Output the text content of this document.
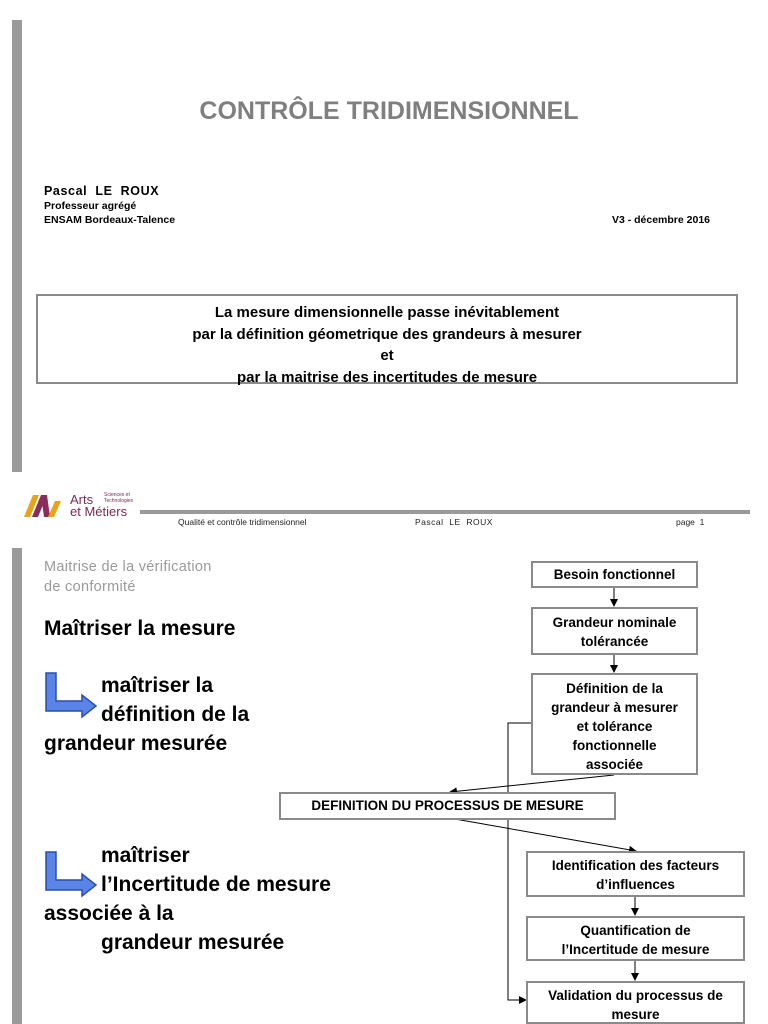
CONTRÔLE TRIDIMENSIONNEL
Pascal  LE  ROUX
Professeur agrégé
ENSAM Bordeaux-Talence	V3 - décembre 2016
La mesure dimensionnelle passe inévitablement
par la définition géometrique des grandeurs à mesurer
et
par la maitrise des incertitudes de mesure
Arts Sciences et
Technologies
et Métiers
Qualité et contrôle tridimensionnel	Pascal  LE  ROUX	page  1
Maitrise de la vérification
de conformité
Maîtriser la mesure
maîtriser la
définition de la
grandeur mesurée
maîtriser
l’Incertitude de mesure
associée à la
grandeur mesurée
Besoin fonctionnel
Grandeur nominale
tolérancée
Définition de la
grandeur à mesurer
et tolérance
fonctionnelle
associée
DEFINITION DU PROCESSUS DE MESURE
Identification des facteurs
d’influences
Quantification de
l’Incertitude de mesure
Validation du processus de
mesure
